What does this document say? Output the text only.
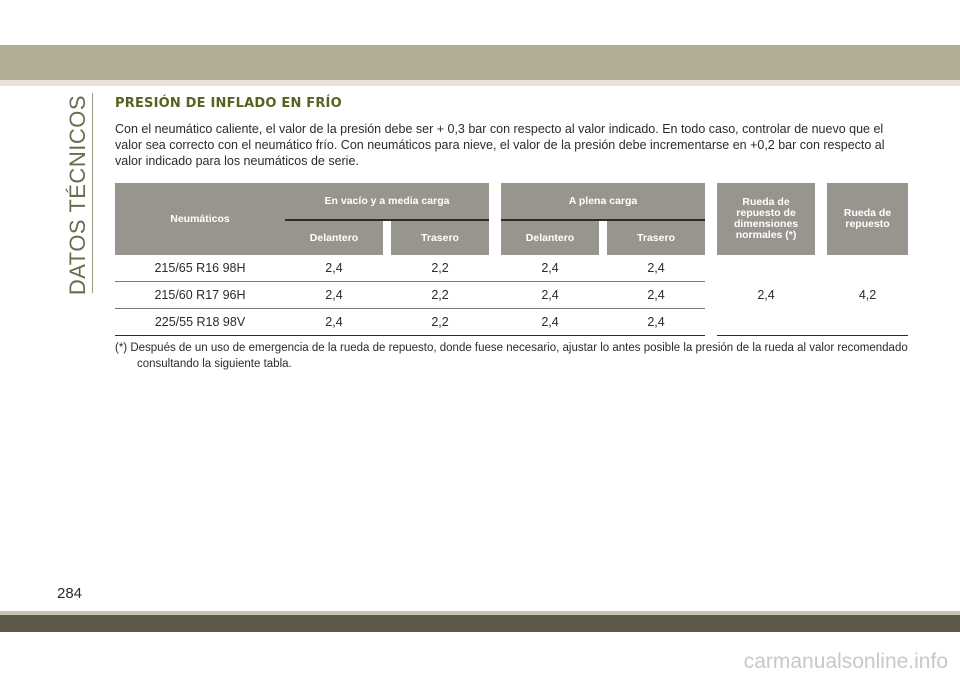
DATOS TÉCNICOS PRESIÓN DE INFLADO EN FRÍO

Con el neumático caliente, el valor de la presión debe ser + 0,3 bar con respecto al valor indicado. En todo caso, controlar de nuevo que el valor sea correcto con el neumático frío. Con neumáticos para nieve, el valor de la presión debe incrementarse en +0,2 bar con respecto al valor indicado para los neumáticos de serie.

Neumáticos	En vacío y a media carga				A plena carga				Rueda de repuesto de dimensiones normales (*)		Rueda de repuesto
	Delantero		Trasero		Delantero		Trasero				
215/65 R16 98H	2,4		2,2		2,4		2,4		2,4		4,2
215/60 R17 96H	2,4		2,2		2,4		2,4				
225/55 R18 98V	2,4		2,2		2,4		2,4				

(*) Después de un uso de emergencia de la rueda de repuesto, donde fuese necesario, ajustar lo antes posible la presión de la rueda al valor recomendado consultando la siguiente tabla.

284
carmanualsonline.info
